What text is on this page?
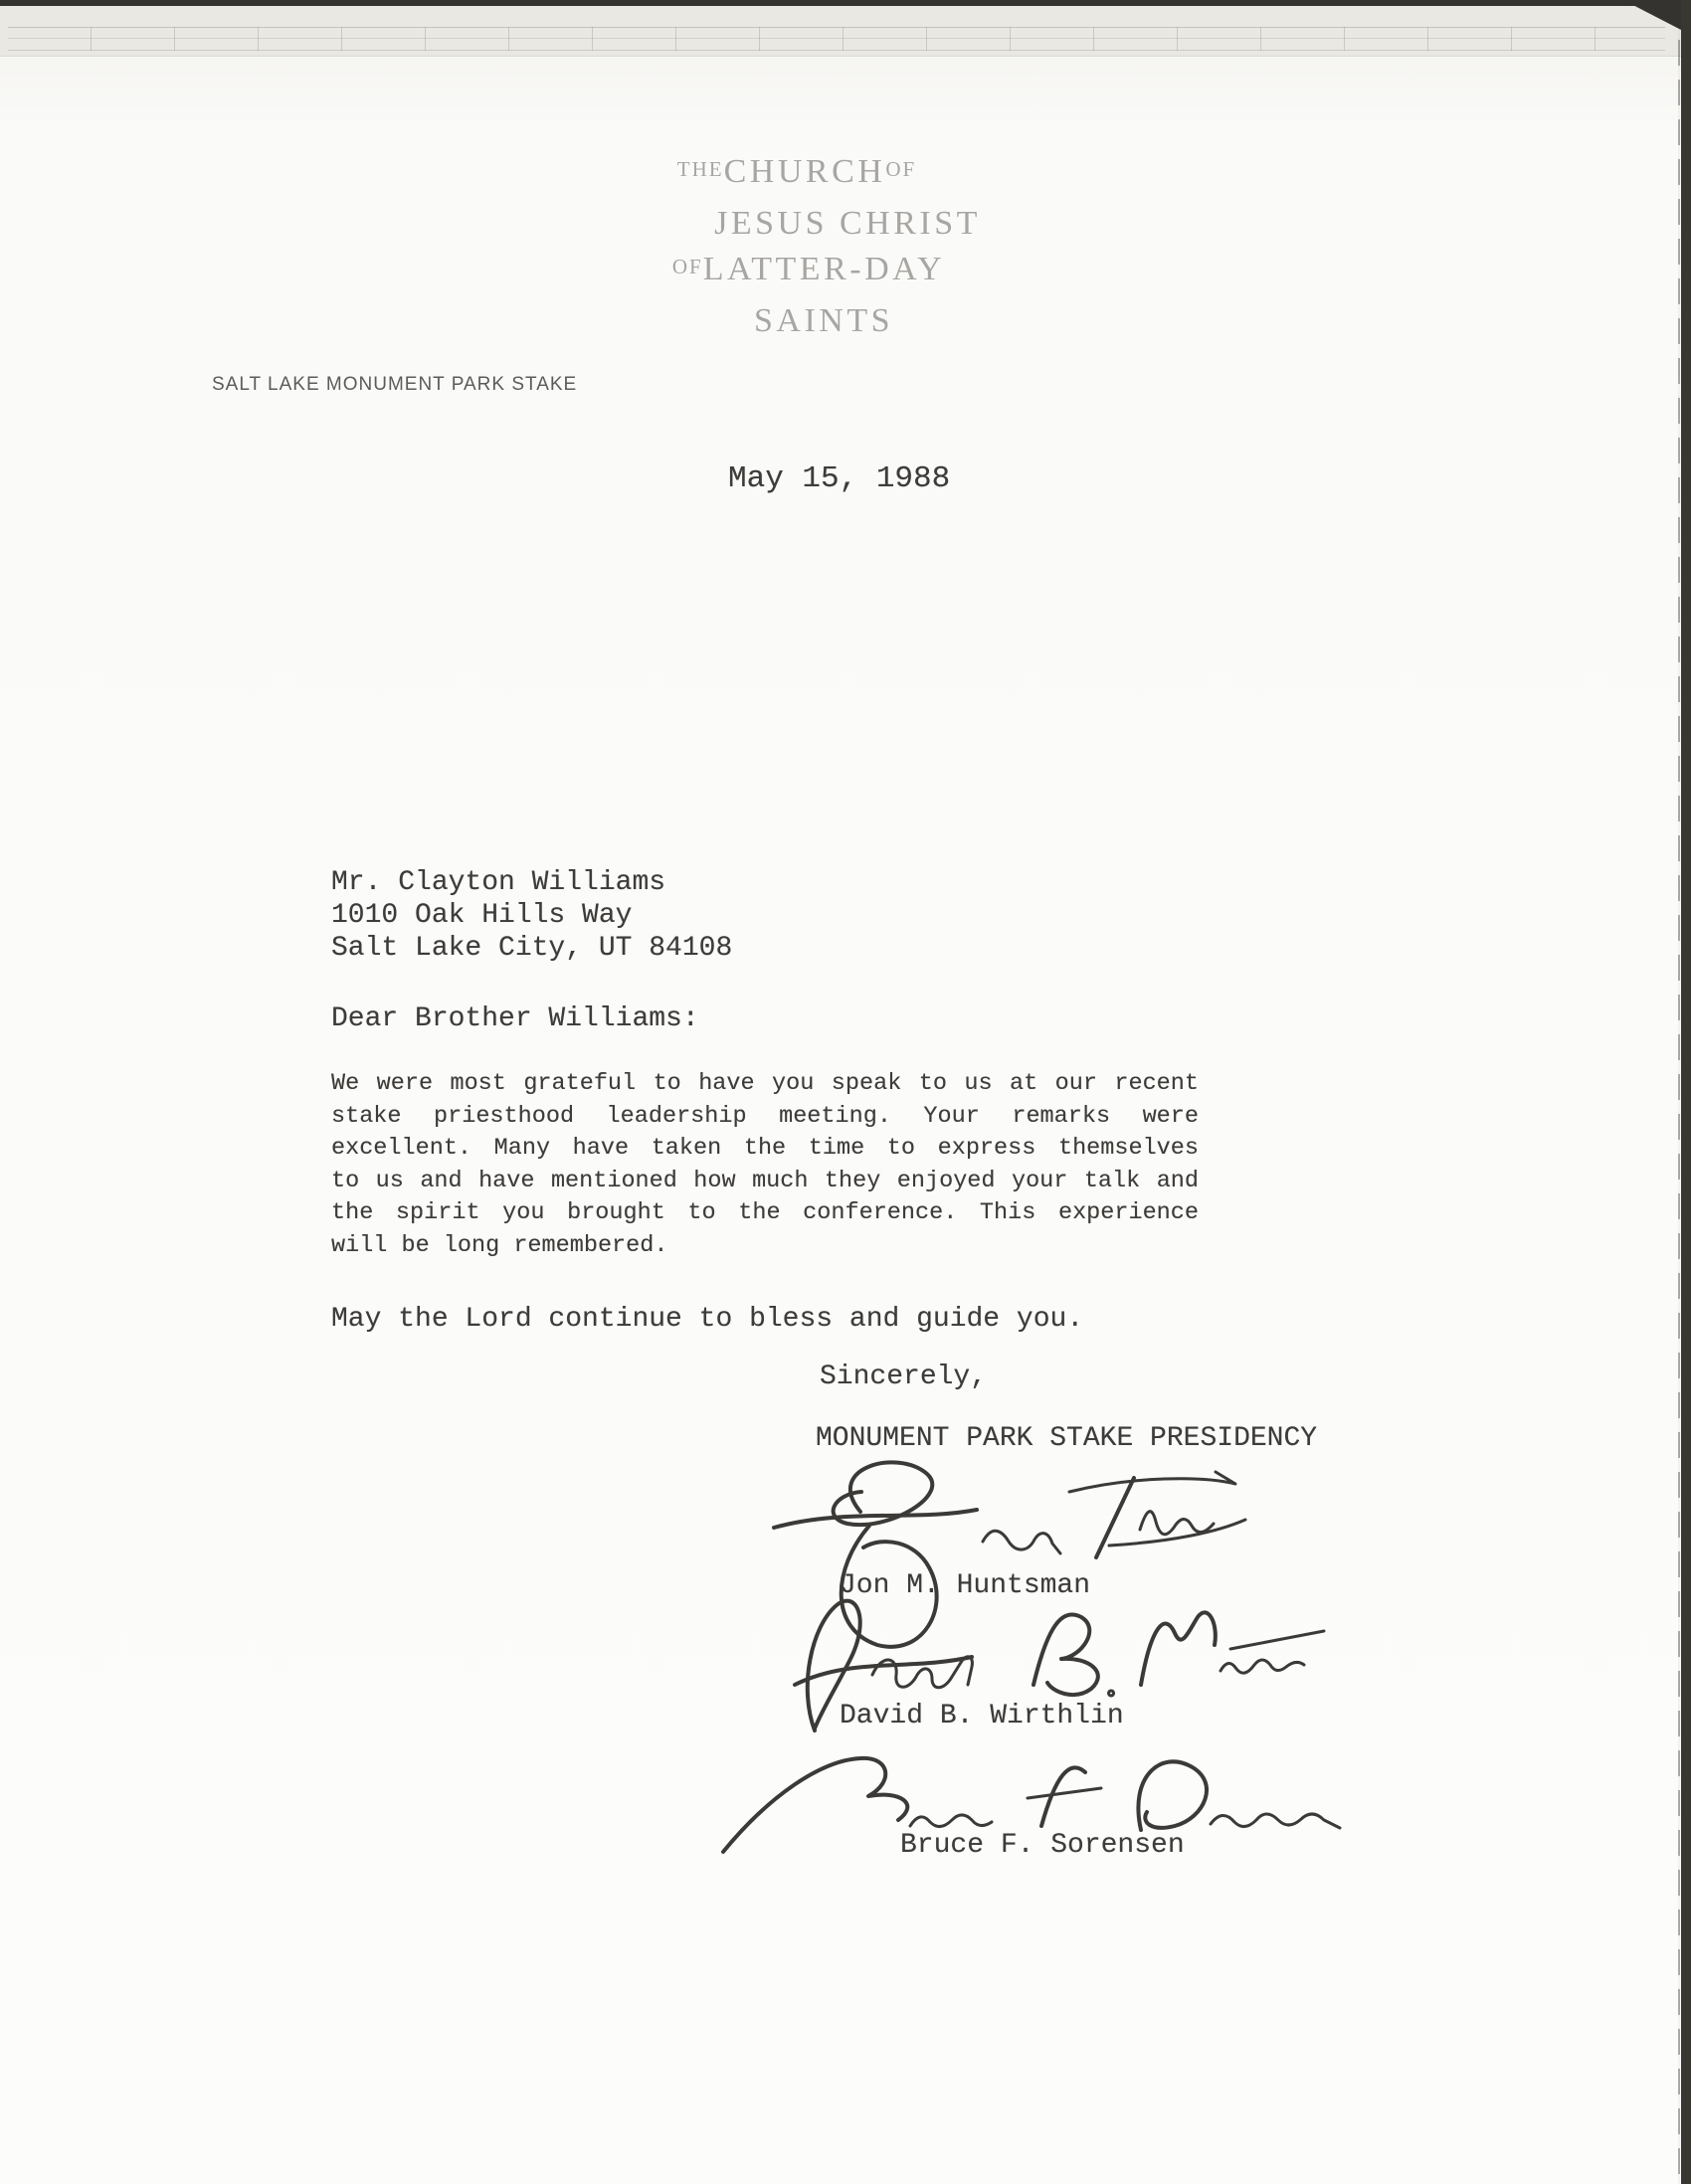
THECHURCHOF
JESUS CHRIST
OFLATTER-DAY
SAINTS
SALT LAKE MONUMENT PARK STAKE
May 15, 1988
Mr. Clayton Williams
1010 Oak Hills Way
Salt Lake City, UT 84108
Dear Brother Williams:
We were most grateful to have you speak to us at our recent
stake priesthood leadership meeting. Your remarks were
excellent. Many have taken the time to express themselves
to us and have mentioned how much they enjoyed your talk and
the spirit you brought to the conference. This experience
will be long remembered.
May the Lord continue to bless and guide you.
Sincerely,
MONUMENT PARK STAKE PRESIDENCY
Jon M. Huntsman
David B. Wirthlin
Bruce F. Sorensen
